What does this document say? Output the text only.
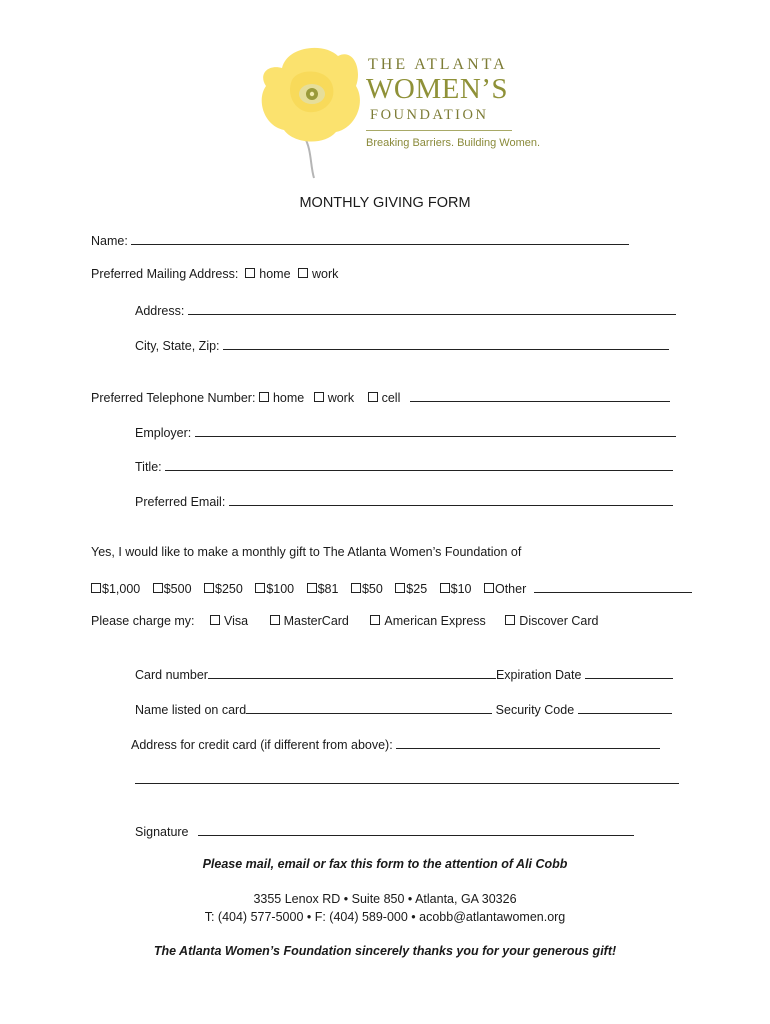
THE ATLANTA
WOMEN’S
FOUNDATION
Breaking Barriers. Building Women.
MONTHLY GIVING FORM
Name:
Preferred Mailing Address: home work
Address:
City, State, Zip:
Preferred Telephone Number: home work cell
Employer:
Title:
Preferred Email:
Yes, I would like to make a monthly gift to The Atlanta Women’s Foundation of
$1,000 $500 $250 $100 $81 $50 $25 $10 Other
Please charge my: Visa	MasterCard	American Express	Discover Card
Card number	Expiration Date
Name listed on card	Security Code
Address for credit card (if different from above):
Signature
Please mail, email or fax this form to the attention of Ali Cobb
3355 Lenox RD • Suite 850 • Atlanta, GA 30326
T: (404) 577-5000 • F: (404) 589-000 • acobb@atlantawomen.org
The Atlanta Women’s Foundation sincerely thanks you for your generous gift!
